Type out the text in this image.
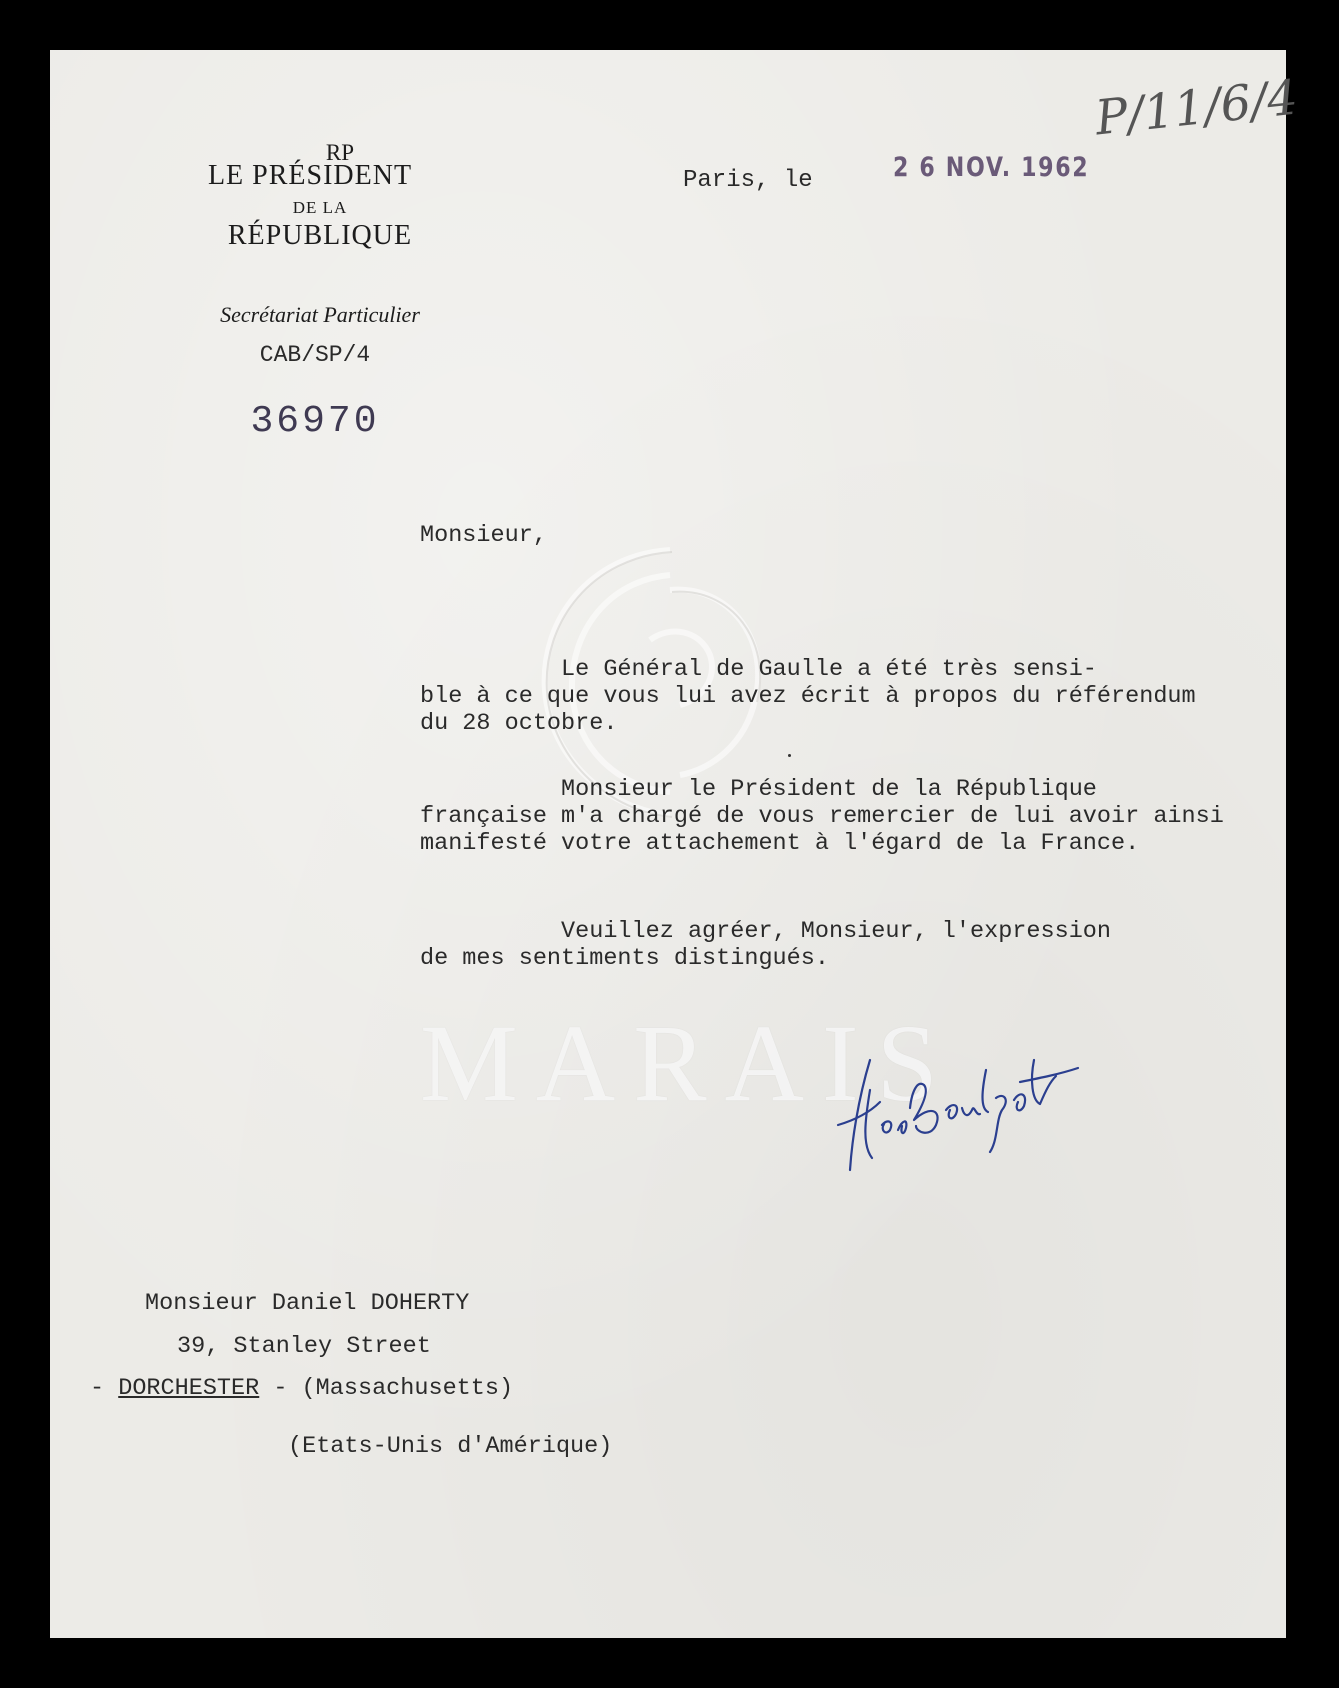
P/11/6/4
RP
LE PRÉSIDENT
DE LA
RÉPUBLIQUE
Secrétariat Particulier
CAB/SP/4
36970
Paris, le	2 6 NOV. 1962
Monsieur,
Le Général de Gaulle a été très sensi-
ble à ce que vous lui avez écrit à propos du référendum
du 28 octobre.
Monsieur le Président de la République
française m'a chargé de vous remercier de lui avoir ainsi
manifesté votre attachement à l'égard de la France.
Veuillez agréer, Monsieur, l'expression
de mes sentiments distingués.
MARAIS
Monsieur Daniel DOHERTY
39, Stanley Street
- DORCHESTER - (Massachusetts)
(Etats-Unis d'Amérique)
